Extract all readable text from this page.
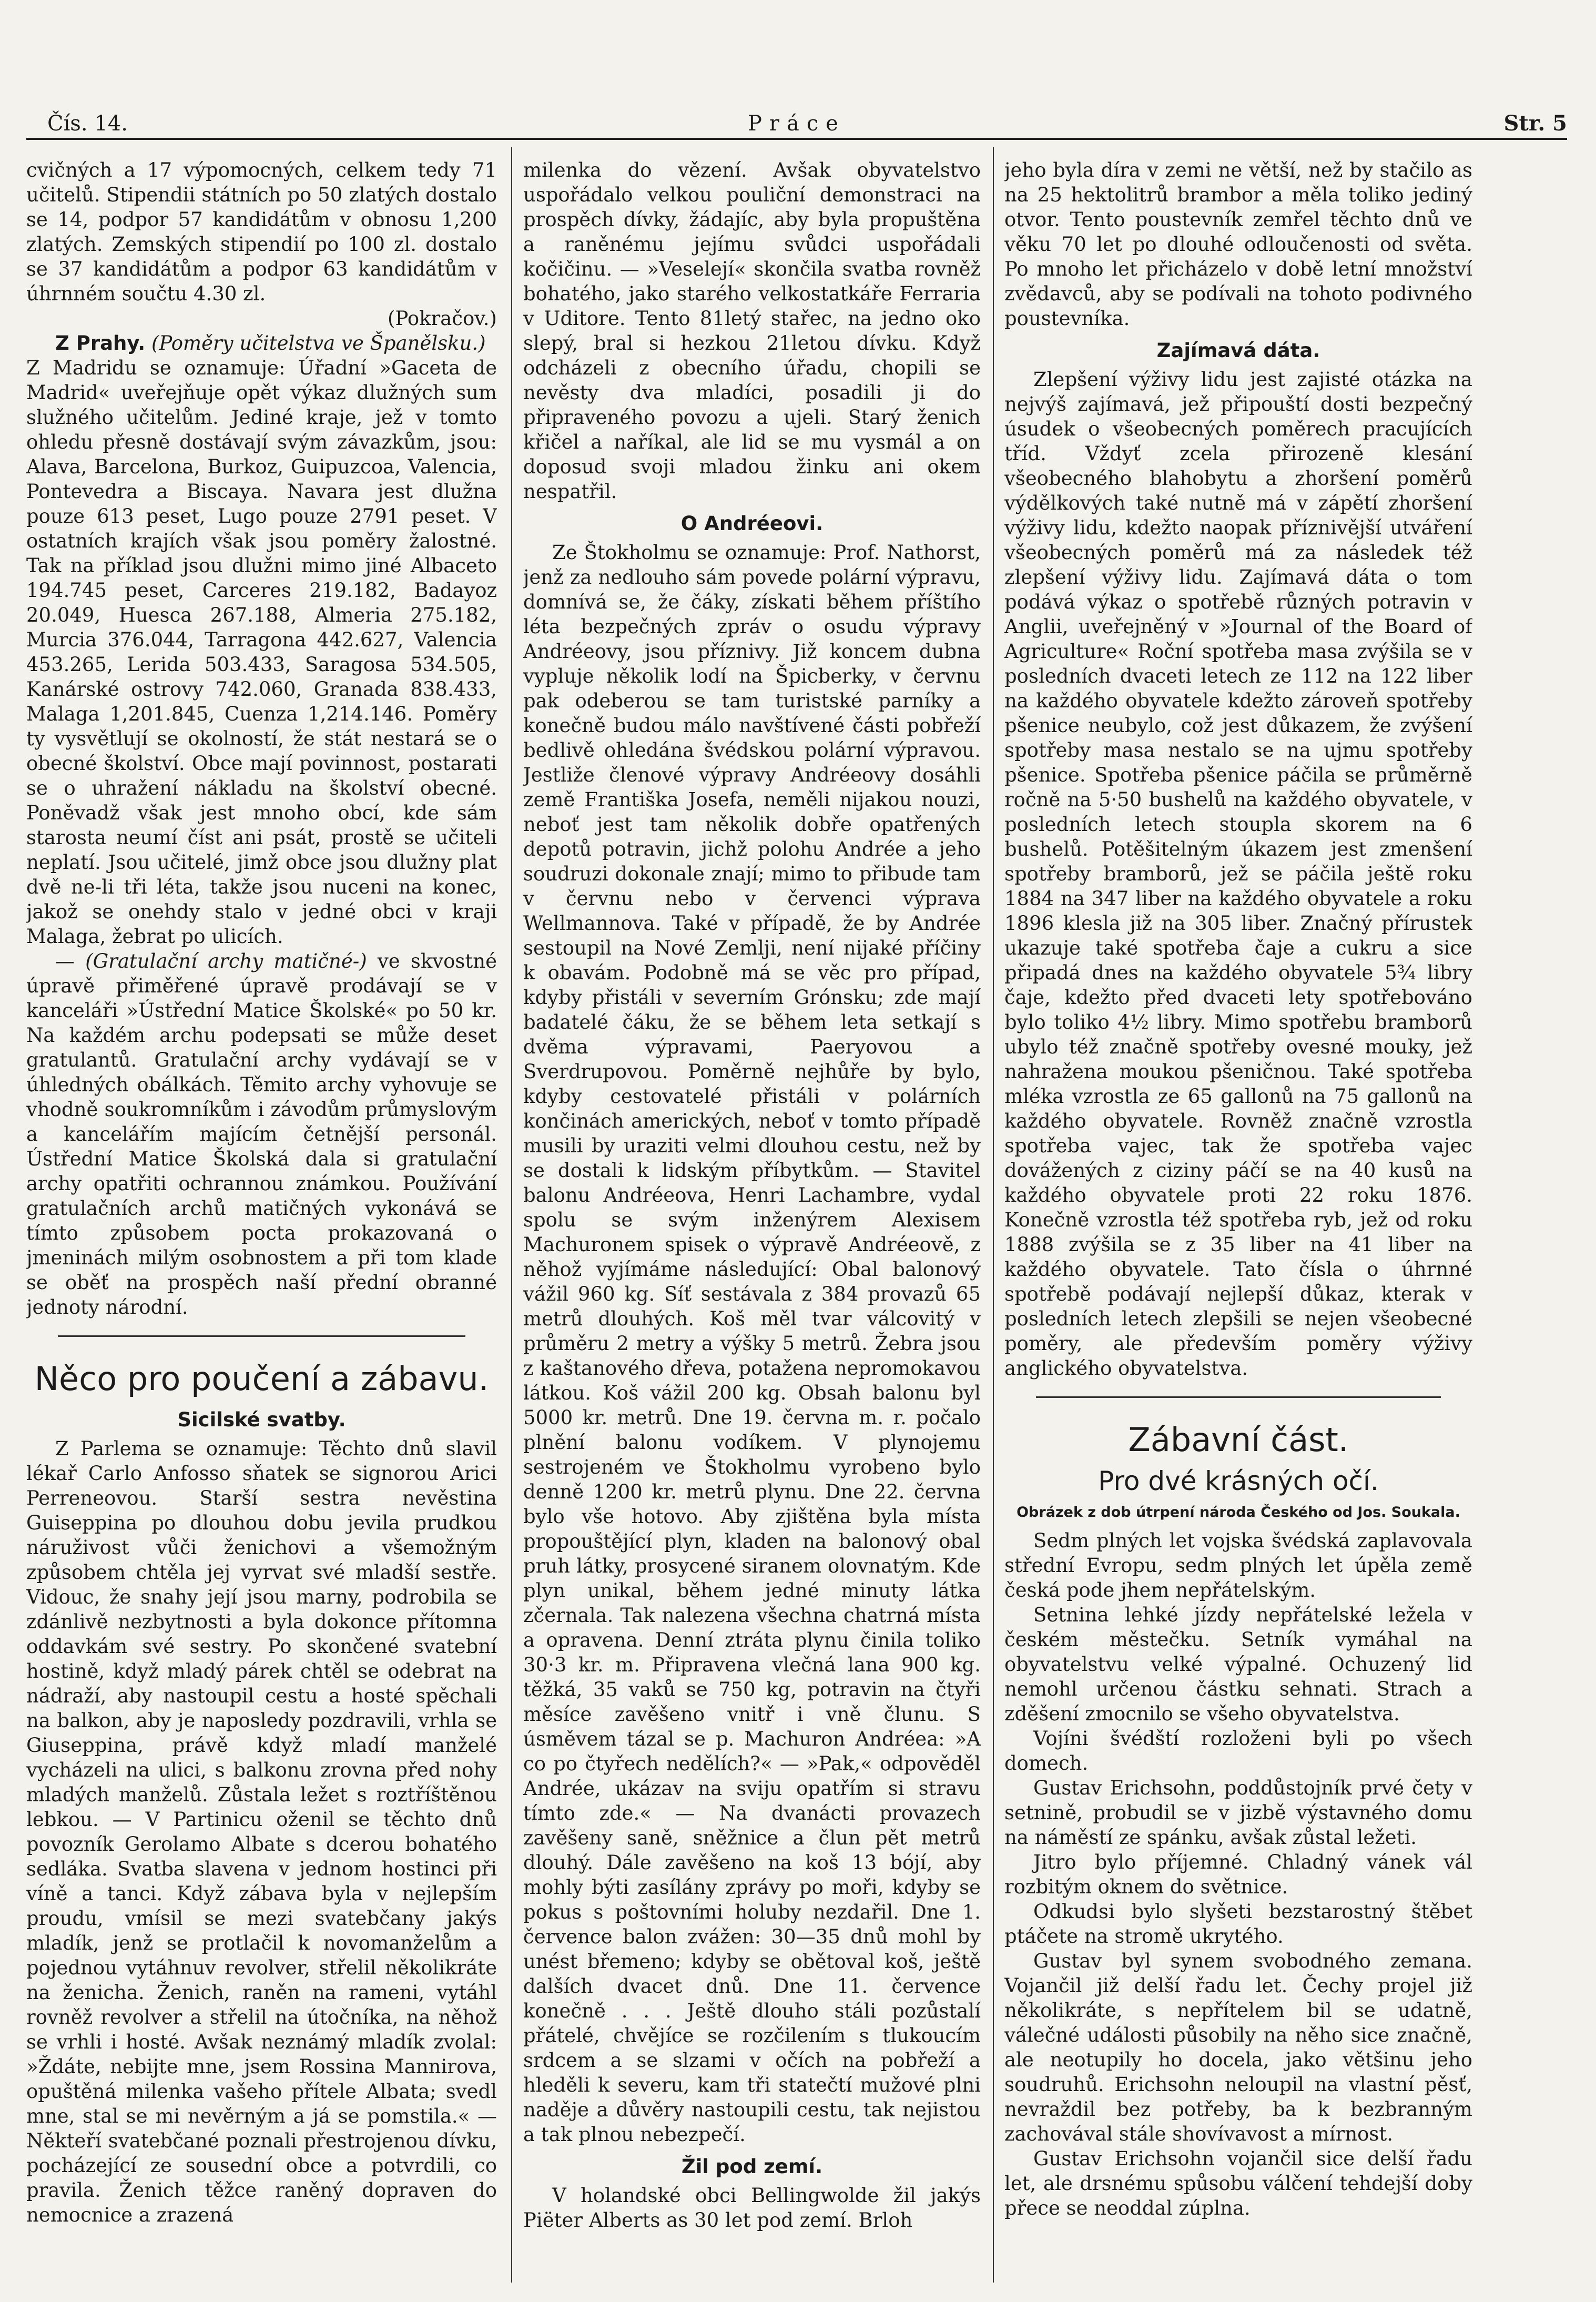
Čís. 14.	Práce	Str. 5

cvičných a 17 výpomocných, celkem tedy 71 učitelů. Stipendii státních po 50 zlatých dostalo se 14, podpor 57 kandidátům v obnosu 1,200 zlatých. Zemských stipendií po 100 zl. dostalo se 37 kandidátům a podpor 63 kandidátům v úhrnném součtu 4.30 zl.

(Pokračov.)

Z Prahy. (Poměry učitelstva ve Španělsku.)

Z Madridu se oznamuje: Úřadní »Gaceta de Madrid« uveřejňuje opět výkaz dlužných sum služného učitelům. Jediné kraje, jež v tomto ohledu přesně dostávají svým závazkům, jsou: Alava, Barcelona, Burkoz, Guipuzcoa, Valencia, Pontevedra a Biscaya. Navara jest dlužna pouze 613 peset, Lugo pouze 2791 peset. V ostatních krajích však jsou poměry žalostné. Tak na příklad jsou dlužni mimo jiné Albaceto 194.745 peset, Carceres 219.182, Badayoz 20.049, Huesca 267.188, Almeria 275.182, Murcia 376.044, Tarragona 442.627, Valencia 453.265, Lerida 503.433, Saragosa 534.505, Kanárské ostrovy 742.060, Granada 838.433, Malaga 1,201.845, Cuenza 1,214.146. Poměry ty vysvětlují se okolností, že stát nestará se o obecné školství. Obce mají povinnost, postarati se o uhražení nákladu na školství obecné. Poněvadž však jest mnoho obcí, kde sám starosta neumí číst ani psát, prostě se učiteli neplatí. Jsou učitelé, jimž obce jsou dlužny plat dvě ne-li tři léta, takže jsou nuceni na konec, jakož se onehdy stalo v jedné obci v kraji Malaga, žebrat po ulicích.

— (Gratulační archy matičné-) ve skvostné úpravě přiměřené úpravě prodávají se v kanceláři »Ústřední Matice Školské« po 50 kr. Na každém archu podepsati se může deset gratulantů. Gratulační archy vydávají se v úhledných obálkách. Těmito archy vyhovuje se vhodně soukromníkům i závodům průmyslovým a kancelářím majícím četnější personál. Ústřední Matice Školská dala si gratulační archy opatřiti ochrannou známkou. Používání gratulačních archů matičných vykonává se tímto způsobem pocta prokazovaná o jmeninách milým osobnostem a při tom klade se oběť na prospěch naší přední obranné jednoty národní.

Něco pro poučení a zábavu.
Sicilské svatby.

Z Parlema se oznamuje: Těchto dnů slavil lékař Carlo Anfosso sňatek se signorou Arici Perreneovou. Starší sestra nevěstina Guiseppina po dlouhou dobu jevila prudkou náruživost vůči ženichovi a všemožným způsobem chtěla jej vyrvat své mladší sestře. Vidouc, že snahy její jsou marny, podrobila se zdánlivě nezbytnosti a byla dokonce přítomna oddavkám své sestry. Po skončené svatební hostině, když mladý párek chtěl se odebrat na nádraží, aby nastoupil cestu a hosté spěchali na balkon, aby je naposledy pozdravili, vrhla se Giuseppina, právě když mladí manželé vycházeli na ulici, s balkonu zrovna před nohy mladých manželů. Zůstala ležet s roztříštěnou lebkou. — V Partinicu oženil se těchto dnů povozník Gerolamo Albate s dcerou bohatého sedláka. Svatba slavena v jednom hostinci při víně a tanci. Když zábava byla v nejlepším proudu, vmísil se mezi svatebčany jakýs mladík, jenž se protlačil k novomanželům a pojednou vytáhnuv revolver, střelil několikráte na ženicha. Ženich, raněn na rameni, vytáhl rovněž revolver a střelil na útočníka, na něhož se vrhli i hosté. Avšak neznámý mladík zvolal: »Ždáte, nebijte mne, jsem Rossina Mannirova, opuštěná milenka vašeho přítele Albata; svedl mne, stal se mi nevěrným a já se pomstila.« — Někteří svatebčané poznali přestrojenou dívku, pocházející ze sousední obce a potvrdili, co pravila. Ženich těžce raněný dopraven do nemocnice a zrazená

milenka do vězení. Avšak obyvatelstvo uspořádalo velkou pouliční demonstraci na prospěch dívky, žádajíc, aby byla propuštěna a raněnému jejímu svůdci uspořádali kočičinu. — »Veselejí« skončila svatba rovněž bohatého, jako starého velkostatkáře Ferraria v Uditore. Tento 81letý stařec, na jedno oko slepý, bral si hezkou 21letou dívku. Když odcházeli z obecního úřadu, chopili se nevěsty dva mladíci, posadili ji do připraveného povozu a ujeli. Starý ženich křičel a naříkal, ale lid se mu vysmál a on doposud svoji mladou žinku ani okem nespatřil.

O Andréeovi.

Ze Štokholmu se oznamuje: Prof. Nathorst, jenž za nedlouho sám povede polární výpravu, domnívá se, že čáky, získati během příštího léta bezpečných zpráv o osudu výpravy Andréeovy, jsou příznivy. Již koncem dubna vypluje několik lodí na Špicberky, v červnu pak odeberou se tam turistské parníky a konečně budou málo navštívené části pobřeží bedlivě ohledána švédskou polární výpravou. Jestliže členové výpravy Andréeovy dosáhli země Františka Josefa, neměli nijakou nouzi, neboť jest tam několik dobře opatřených depotů potravin, jichž polohu Andrée a jeho soudruzi dokonale znají; mimo to přibude tam v červnu nebo v červenci výprava Wellmannova. Také v případě, že by Andrée sestoupil na Nové Zemlji, není nijaké příčiny k obavám. Podobně má se věc pro případ, kdyby přistáli v severním Grónsku; zde mají badatelé čáku, že se během leta setkají s dvěma výpravami, Paeryovou a Sverdrupovou. Poměrně nejhůře by bylo, kdyby cestovatelé přistáli v polárních končinách amerických, neboť v tomto případě musili by uraziti velmi dlouhou cestu, než by se dostali k lidským příbytkům. — Stavitel balonu Andréeova, Henri Lachambre, vydal spolu se svým inženýrem Alexisem Machuronem spisek o výpravě Andréeově, z něhož vyjímáme následující: Obal balonový vážil 960 kg. Síť sestávala z 384 provazů 65 metrů dlouhých. Koš měl tvar válcovitý v průměru 2 metry a výšky 5 metrů. Žebra jsou z kaštanového dřeva, potažena nepromokavou látkou. Koš vážil 200 kg. Obsah balonu byl 5000 kr. metrů. Dne 19. června m. r. počalo plnění balonu vodíkem. V plynojemu sestrojeném ve Štokholmu vyrobeno bylo denně 1200 kr. metrů plynu. Dne 22. června bylo vše hotovo. Aby zjištěna byla místa propouštějící plyn, kladen na balonový obal pruh látky, prosycené siranem olovnatým. Kde plyn unikal, během jedné minuty látka zčernala. Tak nalezena všechna chatrná místa a opravena. Denní ztráta plynu činila toliko 30·3 kr. m. Připravena vlečná lana 900 kg. těžká, 35 vaků se 750 kg, potravin na čtyři měsíce zavěšeno vnitř i vně člunu. S úsměvem tázal se p. Machuron Andréea: »A co po čtyřech nedělích?« — »Pak,« odpověděl Andrée, ukázav na sviju opatřím si stravu tímto zde.« — Na dvanácti provazech zavěšeny saně, sněžnice a člun pět metrů dlouhý. Dále zavěšeno na koš 13 bójí, aby mohly býti zasílány zprávy po moři, kdyby se pokus s poštovními holuby nezdařil. Dne 1. července balon zvážen: 30—35 dnů mohl by unést břemeno; kdyby se obětoval koš, ještě dalších dvacet dnů. Dne 11. července konečně . . . Ještě dlouho stáli pozůstalí přátelé, chvějíce se rozčilením s tlukoucím srdcem a se slzami v očích na pobřeží a hleděli k severu, kam tři statečtí mužové plni naděje a důvěry nastoupili cestu, tak nejistou a tak plnou nebezpečí.

Žil pod zemí.

V holandské obci Bellingwolde žil jakýs Piëter Alberts as 30 let pod zemí. Brloh

jeho byla díra v zemi ne větší, než by stačilo as na 25 hektolitrů brambor a měla toliko jediný otvor. Tento poustevník zemřel těchto dnů ve věku 70 let po dlouhé odloučenosti od světa. Po mnoho let přicházelo v době letní množství zvědavců, aby se podívali na tohoto podivného poustevníka.

Zajímavá dáta.

Zlepšení výživy lidu jest zajisté otázka na nejvýš zajímavá, jež připouští dosti bezpečný úsudek o všeobecných poměrech pracujících tříd. Vždyť zcela přirozeně klesání všeobecného blahobytu a zhoršení poměrů výdělkových také nutně má v zápětí zhoršení výživy lidu, kdežto naopak příznivější utváření všeobecných poměrů má za následek též zlepšení výživy lidu. Zajímavá dáta o tom podává výkaz o spotřebě různých potravin v Anglii, uveřejněný v »Journal of the Board of Agriculture« Roční spotřeba masa zvýšila se v posledních dvaceti letech ze 112 na 122 liber na každého obyvatele kdežto zároveň spotřeby pšenice neubylo, což jest důkazem, že zvýšení spotřeby masa nestalo se na ujmu spotřeby pšenice. Spotřeba pšenice páčila se průměrně ročně na 5·50 bushelů na každého obyvatele, v posledních letech stoupla skorem na 6 bushelů. Potěšitelným úkazem jest zmenšení spotřeby bramborů, jež se páčila ještě roku 1884 na 347 liber na každého obyvatele a roku 1896 klesla již na 305 liber. Značný přírustek ukazuje také spotřeba čaje a cukru a sice připadá dnes na každého obyvatele 5¾ libry čaje, kdežto před dvaceti lety spotřebováno bylo toliko 4½ libry. Mimo spotřebu bramborů ubylo též značně spotřeby ovesné mouky, jež nahražena moukou pšeničnou. Také spotřeba mléka vzrostla ze 65 gallonů na 75 gallonů na každého obyvatele. Rovněž značně vzrostla spotřeba vajec, tak že spotřeba vajec dovážených z ciziny páčí se na 40 kusů na každého obyvatele proti 22 roku 1876. Konečně vzrostla též spotřeba ryb, jež od roku 1888 zvýšila se z 35 liber na 41 liber na každého obyvatele. Tato čísla o úhrnné spotřebě podávají nejlepší důkaz, kterak v posledních letech zlepšili se nejen všeobecné poměry, ale především poměry výživy anglického obyvatelstva.

Zábavní část.
Pro dvé krásných očí.
Obrázek z dob útrpení národa Českého od Jos. Soukala.

Sedm plných let vojska švédská zaplavovala střední Evropu, sedm plných let úpěla země česká pode jhem nepřátelským.

Setnina lehké jízdy nepřátelské ležela v českém městečku. Setník vymáhal na obyvatelstvu velké výpalné. Ochuzený lid nemohl určenou částku sehnati. Strach a zděšení zmocnilo se všeho obyvatelstva.

Vojíni švédští rozloženi byli po všech domech.

Gustav Erichsohn, poddůstojník prvé čety v setnině, probudil se v jizbě výstavného domu na náměstí ze spánku, avšak zůstal ležeti.

Jitro bylo příjemné. Chladný vánek vál rozbitým oknem do světnice.

Odkudsi bylo slyšeti bezstarostný štěbet ptáčete na stromě ukrytého.

Gustav byl synem svobodného zemana. Vojančil již delší řadu let. Čechy projel již několikráte, s nepřítelem bil se udatně, válečné události působily na něho sice značně, ale neotupily ho docela, jako většinu jeho soudruhů. Erichsohn neloupil na vlastní pěsť, nevraždil bez potřeby, ba k bezbranným zachovával stále shovívavost a mírnost.

Gustav Erichsohn vojančil sice delší řadu let, ale drsnému spůsobu válčení tehdejší doby přece se neoddal zúplna.
